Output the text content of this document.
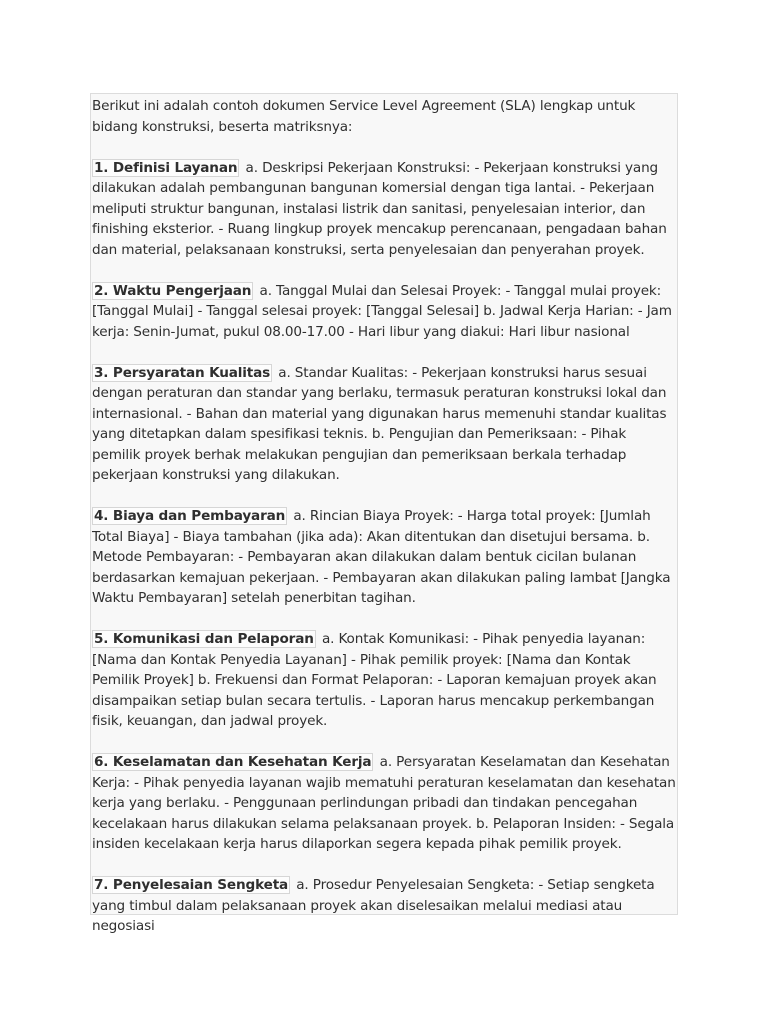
Berikut ini adalah contoh dokumen Service Level Agreement (SLA) lengkap untuk bidang konstruksi, beserta matriksnya:

1. Definisi Layanan a. Deskripsi Pekerjaan Konstruksi: - Pekerjaan konstruksi yang dilakukan adalah pembangunan bangunan komersial dengan tiga lantai. - Pekerjaan meliputi struktur bangunan, instalasi listrik dan sanitasi, penyelesaian interior, dan finishing eksterior. - Ruang lingkup proyek mencakup perencanaan, pengadaan bahan dan material, pelaksanaan konstruksi, serta penyelesaian dan penyerahan proyek.

2. Waktu Pengerjaan a. Tanggal Mulai dan Selesai Proyek: - Tanggal mulai proyek: [Tanggal Mulai] - Tanggal selesai proyek: [Tanggal Selesai] b. Jadwal Kerja Harian: - Jam kerja: Senin-Jumat, pukul 08.00-17.00 - Hari libur yang diakui: Hari libur nasional

3. Persyaratan Kualitas a. Standar Kualitas: - Pekerjaan konstruksi harus sesuai dengan peraturan dan standar yang berlaku, termasuk peraturan konstruksi lokal dan internasional. - Bahan dan material yang digunakan harus memenuhi standar kualitas yang ditetapkan dalam spesifikasi teknis. b. Pengujian dan Pemeriksaan: - Pihak pemilik proyek berhak melakukan pengujian dan pemeriksaan berkala terhadap pekerjaan konstruksi yang dilakukan.

4. Biaya dan Pembayaran a. Rincian Biaya Proyek: - Harga total proyek: [Jumlah Total Biaya] - Biaya tambahan (jika ada): Akan ditentukan dan disetujui bersama. b. Metode Pembayaran: - Pembayaran akan dilakukan dalam bentuk cicilan bulanan berdasarkan kemajuan pekerjaan. - Pembayaran akan dilakukan paling lambat [Jangka Waktu Pembayaran] setelah penerbitan tagihan.

5. Komunikasi dan Pelaporan a. Kontak Komunikasi: - Pihak penyedia layanan: [Nama dan Kontak Penyedia Layanan] - Pihak pemilik proyek: [Nama dan Kontak Pemilik Proyek] b. Frekuensi dan Format Pelaporan: - Laporan kemajuan proyek akan disampaikan setiap bulan secara tertulis. - Laporan harus mencakup perkembangan fisik, keuangan, dan jadwal proyek.

6. Keselamatan dan Kesehatan Kerja a. Persyaratan Keselamatan dan Kesehatan Kerja: - Pihak penyedia layanan wajib mematuhi peraturan keselamatan dan kesehatan kerja yang berlaku. - Penggunaan perlindungan pribadi dan tindakan pencegahan kecelakaan harus dilakukan selama pelaksanaan proyek. b. Pelaporan Insiden: - Segala insiden kecelakaan kerja harus dilaporkan segera kepada pihak pemilik proyek.

7. Penyelesaian Sengketa a. Prosedur Penyelesaian Sengketa: - Setiap sengketa yang timbul dalam pelaksanaan proyek akan diselesaikan melalui mediasi atau negosiasi
